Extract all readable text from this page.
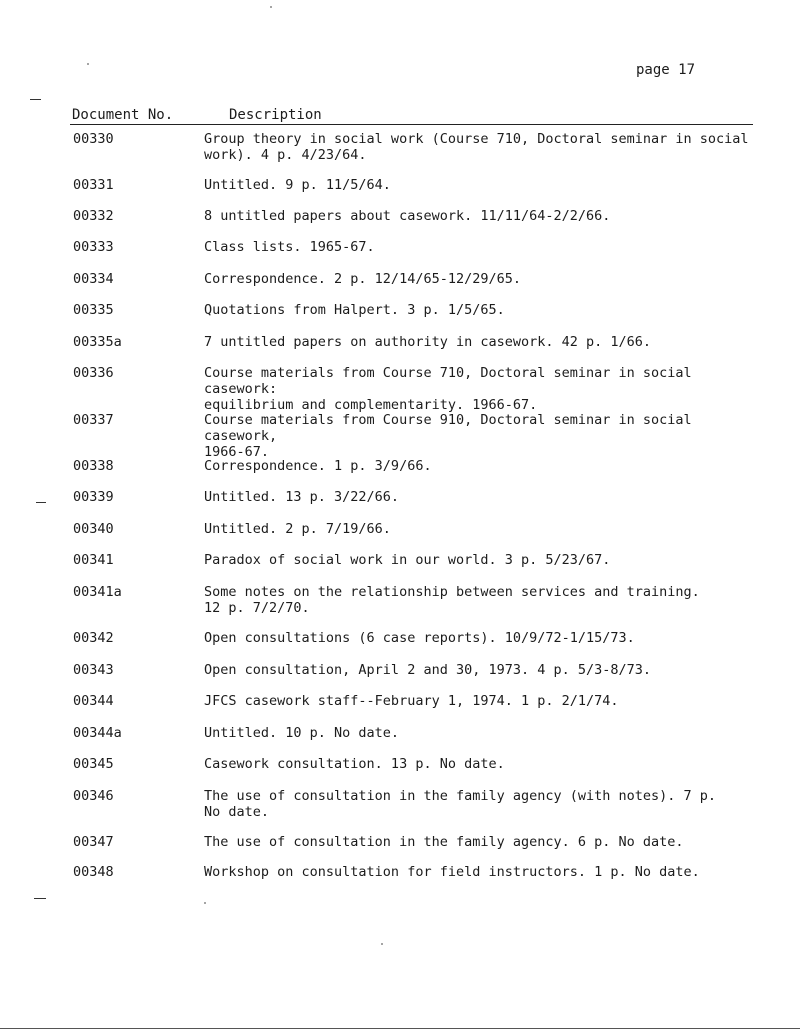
page 17
Document No.	Description
00330	Group theory in social work (Course 710, Doctoral seminar in social
work). 4 p. 4/23/64.
00331	Untitled. 9 p. 11/5/64.
00332	8 untitled papers about casework. 11/11/64-2/2/66.
00333	Class lists. 1965-67.
00334	Correspondence. 2 p. 12/14/65-12/29/65.
00335	Quotations from Halpert. 3 p. 1/5/65.
00335a	7 untitled papers on authority in casework. 42 p. 1/66.
00336	Course materials from Course 710, Doctoral seminar in social casework:
equilibrium and complementarity. 1966-67.
00337	Course materials from Course 910, Doctoral seminar in social casework,
1966-67.
00338	Correspondence. 1 p. 3/9/66.
00339	Untitled. 13 p. 3/22/66.
00340	Untitled. 2 p. 7/19/66.
00341	Paradox of social work in our world. 3 p. 5/23/67.
00341a	Some notes on the relationship between services and training.
12 p. 7/2/70.
00342	Open consultations (6 case reports). 10/9/72-1/15/73.
00343	Open consultation, April 2 and 30, 1973. 4 p. 5/3-8/73.
00344	JFCS casework staff--February 1, 1974. 1 p. 2/1/74.
00344a	Untitled. 10 p. No date.
00345	Casework consultation. 13 p. No date.
00346	The use of consultation in the family agency (with notes). 7 p.
No date.
00347	The use of consultation in the family agency. 6 p. No date.
00348	Workshop on consultation for field instructors. 1 p. No date.
